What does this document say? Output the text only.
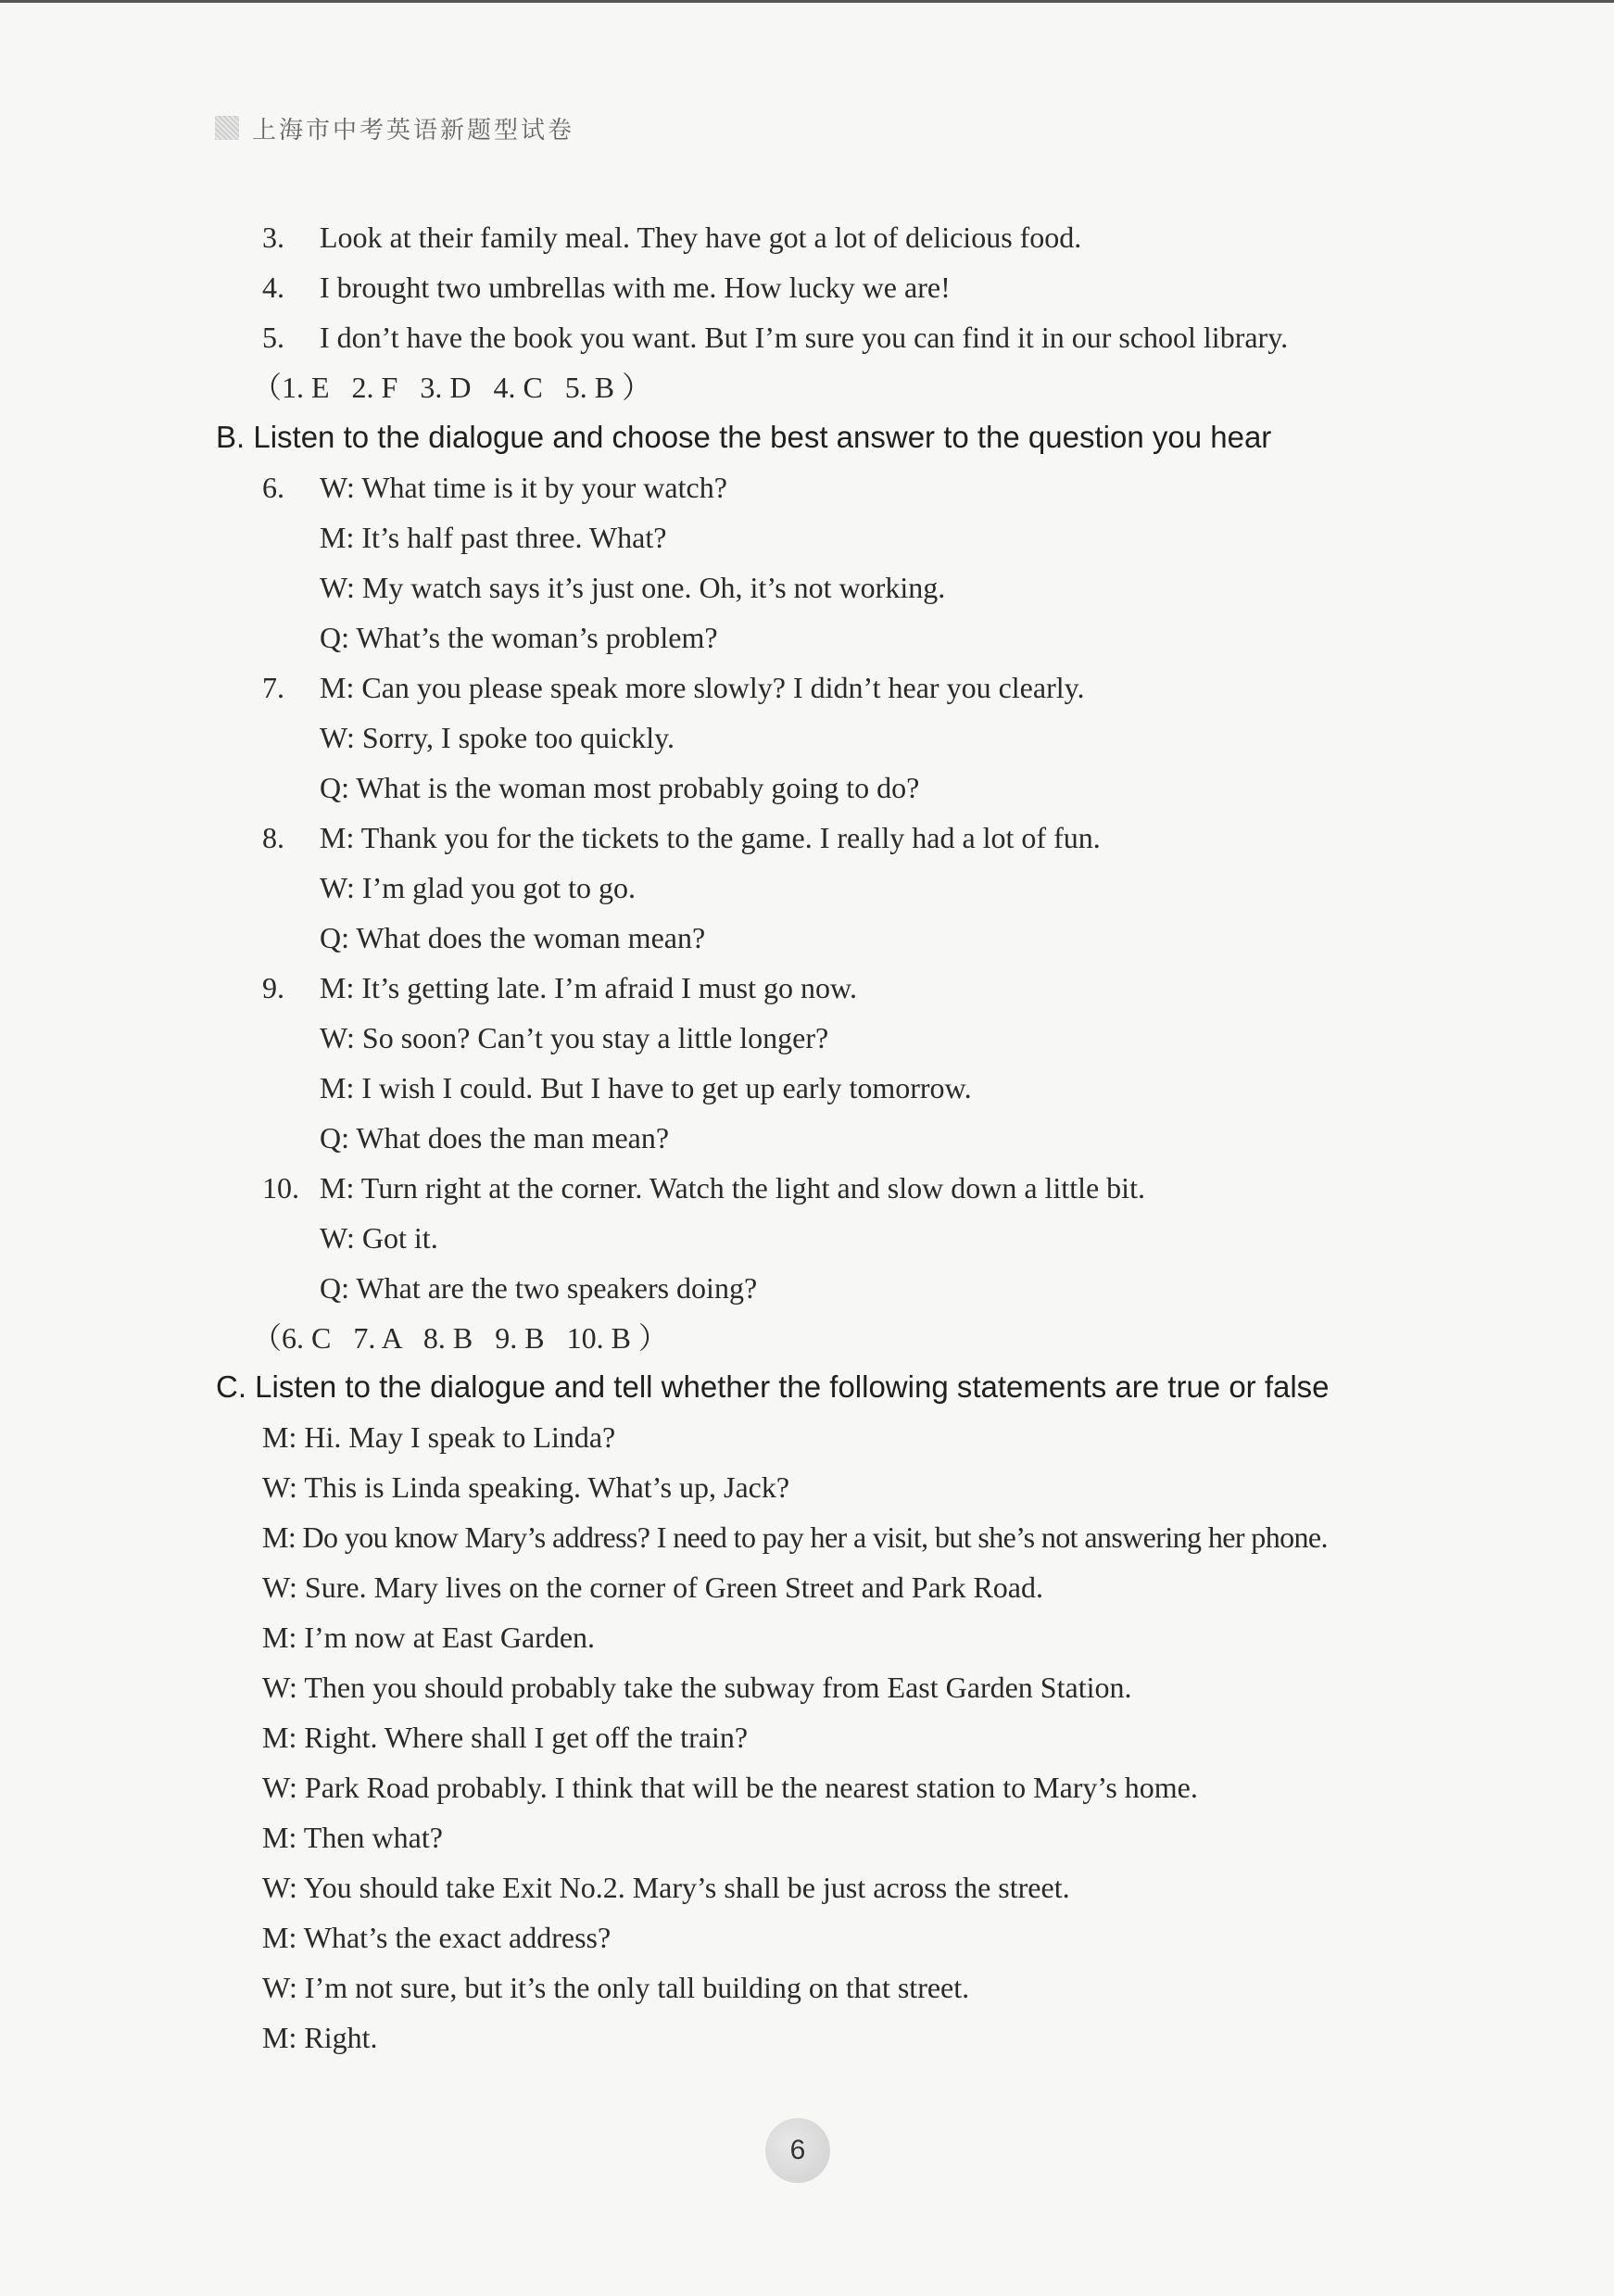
上海市中考英语新题型试卷
3. Look at their family meal. They have got a lot of delicious food.
4. I brought two umbrellas with me. How lucky we are!
5. I don’t have the book you want. But I’m sure you can find it in our school library.
（1. E   2. F   3. D   4. C   5. B ）
B. Listen to the dialogue and choose the best answer to the question you hear
6. W: What time is it by your watch?
M: It’s half past three. What?
W: My watch says it’s just one. Oh, it’s not working.
Q: What’s the woman’s problem?
7. M: Can you please speak more slowly? I didn’t hear you clearly.
W: Sorry, I spoke too quickly.
Q: What is the woman most probably going to do?
8. M: Thank you for the tickets to the game. I really had a lot of fun.
W: I’m glad you got to go.
Q: What does the woman mean?
9. M: It’s getting late. I’m afraid I must go now.
W: So soon? Can’t you stay a little longer?
M: I wish I could. But I have to get up early tomorrow.
Q: What does the man mean?
10. M: Turn right at the corner. Watch the light and slow down a little bit.
W: Got it.
Q: What are the two speakers doing?
（6. C   7. A   8. B   9. B   10. B ）
C. Listen to the dialogue and tell whether the following statements are true or false
M: Hi. May I speak to Linda?
W: This is Linda speaking. What’s up, Jack?
M: Do you know Mary’s address? I need to pay her a visit, but she’s not answering her phone.
W: Sure. Mary lives on the corner of Green Street and Park Road.
M: I’m now at East Garden.
W: Then you should probably take the subway from East Garden Station.
M: Right. Where shall I get off the train?
W: Park Road probably. I think that will be the nearest station to Mary’s home.
M: Then what?
W: You should take Exit No.2. Mary’s shall be just across the street.
M: What’s the exact address?
W: I’m not sure, but it’s the only tall building on that street.
M: Right.
6
